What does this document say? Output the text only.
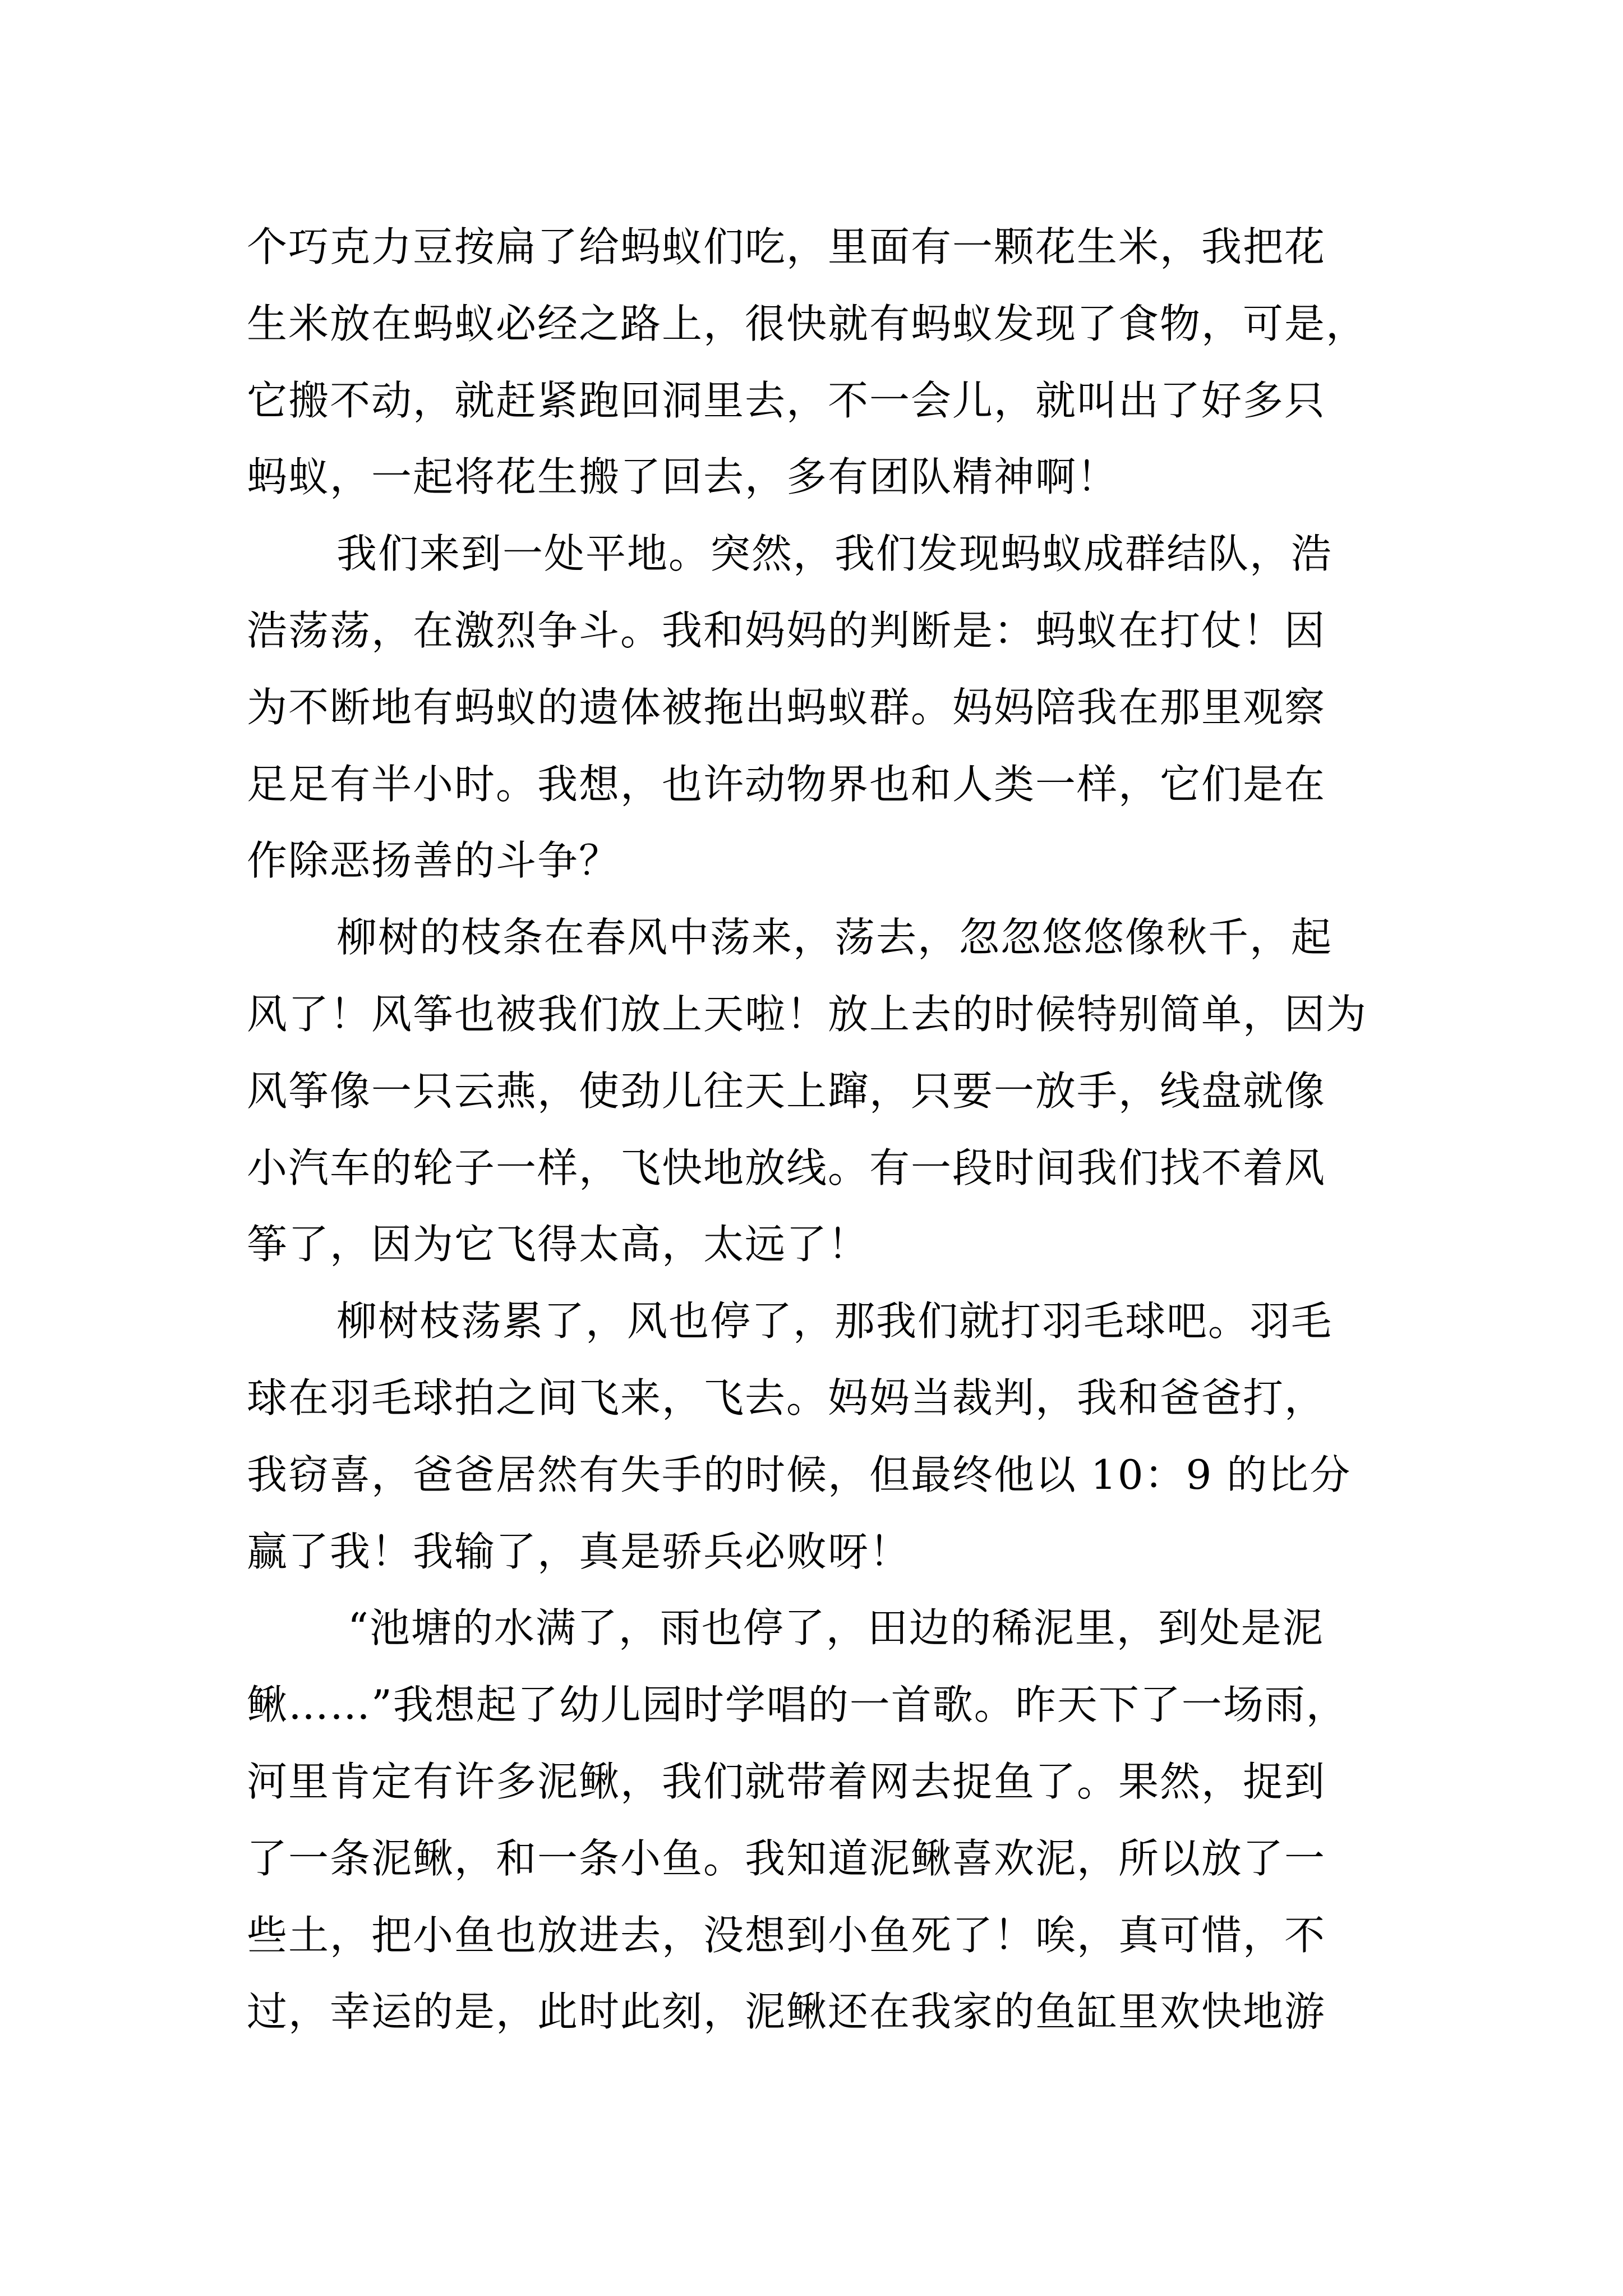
个巧克力豆按扁了给蚂蚁们吃，里面有一颗花生米，我把花
生米放在蚂蚁必经之路上，很快就有蚂蚁发现了食物，可是，
它搬不动，就赶紧跑回洞里去，不一会儿，就叫出了好多只
蚂蚁，一起将花生搬了回去，多有团队精神啊！
我们来到一处平地。突然，我们发现蚂蚁成群结队，浩
浩荡荡，在激烈争斗。我和妈妈的判断是：蚂蚁在打仗！因
为不断地有蚂蚁的遗体被拖出蚂蚁群。妈妈陪我在那里观察
足足有半小时。我想，也许动物界也和人类一样，它们是在
作除恶扬善的斗争？
柳树的枝条在春风中荡来，荡去，忽忽悠悠像秋千，起
风了！风筝也被我们放上天啦！放上去的时候特别简单，因为
风筝像一只云燕，使劲儿往天上蹿，只要一放手，线盘就像
小汽车的轮子一样，飞快地放线。有一段时间我们找不着风
筝了，因为它飞得太高，太远了！
柳树枝荡累了，风也停了，那我们就打羽毛球吧。羽毛
球在羽毛球拍之间飞来，飞去。妈妈当裁判，我和爸爸打，
我窃喜，爸爸居然有失手的时候，但最终他以 10：9 的比分
赢了我！我输了，真是骄兵必败呀！
“池塘的水满了，雨也停了，田边的稀泥里，到处是泥
鳅……”我想起了幼儿园时学唱的一首歌。昨天下了一场雨，
河里肯定有许多泥鳅，我们就带着网去捉鱼了。果然，捉到
了一条泥鳅，和一条小鱼。我知道泥鳅喜欢泥，所以放了一
些土，把小鱼也放进去，没想到小鱼死了！唉，真可惜，不
过，幸运的是，此时此刻，泥鳅还在我家的鱼缸里欢快地游
